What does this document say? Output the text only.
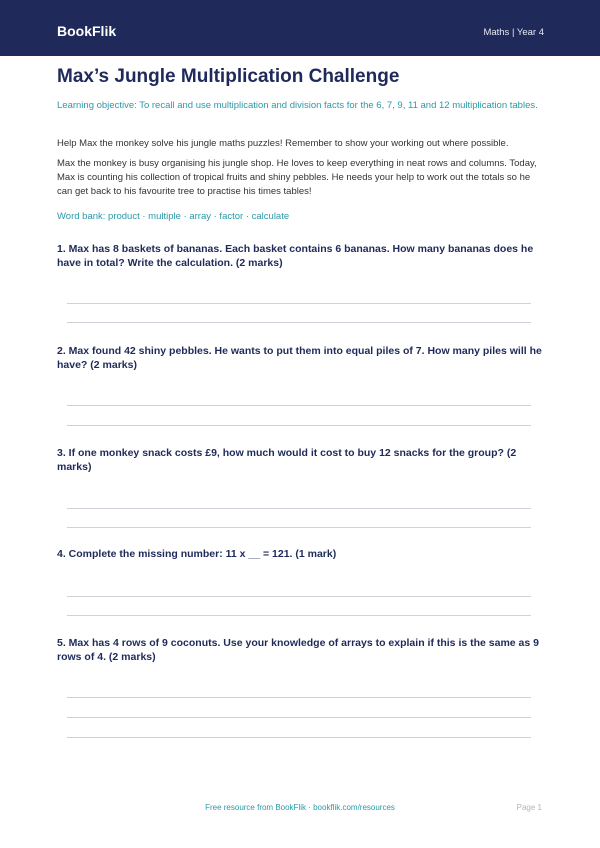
BookFlik	Maths | Year 4
Max’s Jungle Multiplication Challenge
Learning objective: To recall and use multiplication and division facts for the 6, 7, 9, 11 and 12 multiplication tables.
Help Max the monkey solve his jungle maths puzzles! Remember to show your working out where possible.
Max the monkey is busy organising his jungle shop. He loves to keep everything in neat rows and columns. Today, Max is counting his collection of tropical fruits and shiny pebbles. He needs your help to work out the totals so he can get back to his favourite tree to practise his times tables!
Word bank: product · multiple · array · factor · calculate
1. Max has 8 baskets of bananas. Each basket contains 6 bananas. How many bananas does he have in total? Write the calculation. (2 marks)
2. Max found 42 shiny pebbles. He wants to put them into equal piles of 7. How many piles will he have? (2 marks)
3. If one monkey snack costs £9, how much would it cost to buy 12 snacks for the group? (2 marks)
4. Complete the missing number: 11 x __ = 121. (1 mark)
5. Max has 4 rows of 9 coconuts. Use your knowledge of arrays to explain if this is the same as 9 rows of 4. (2 marks)
Free resource from BookFlik · bookflik.com/resources	Page 1
